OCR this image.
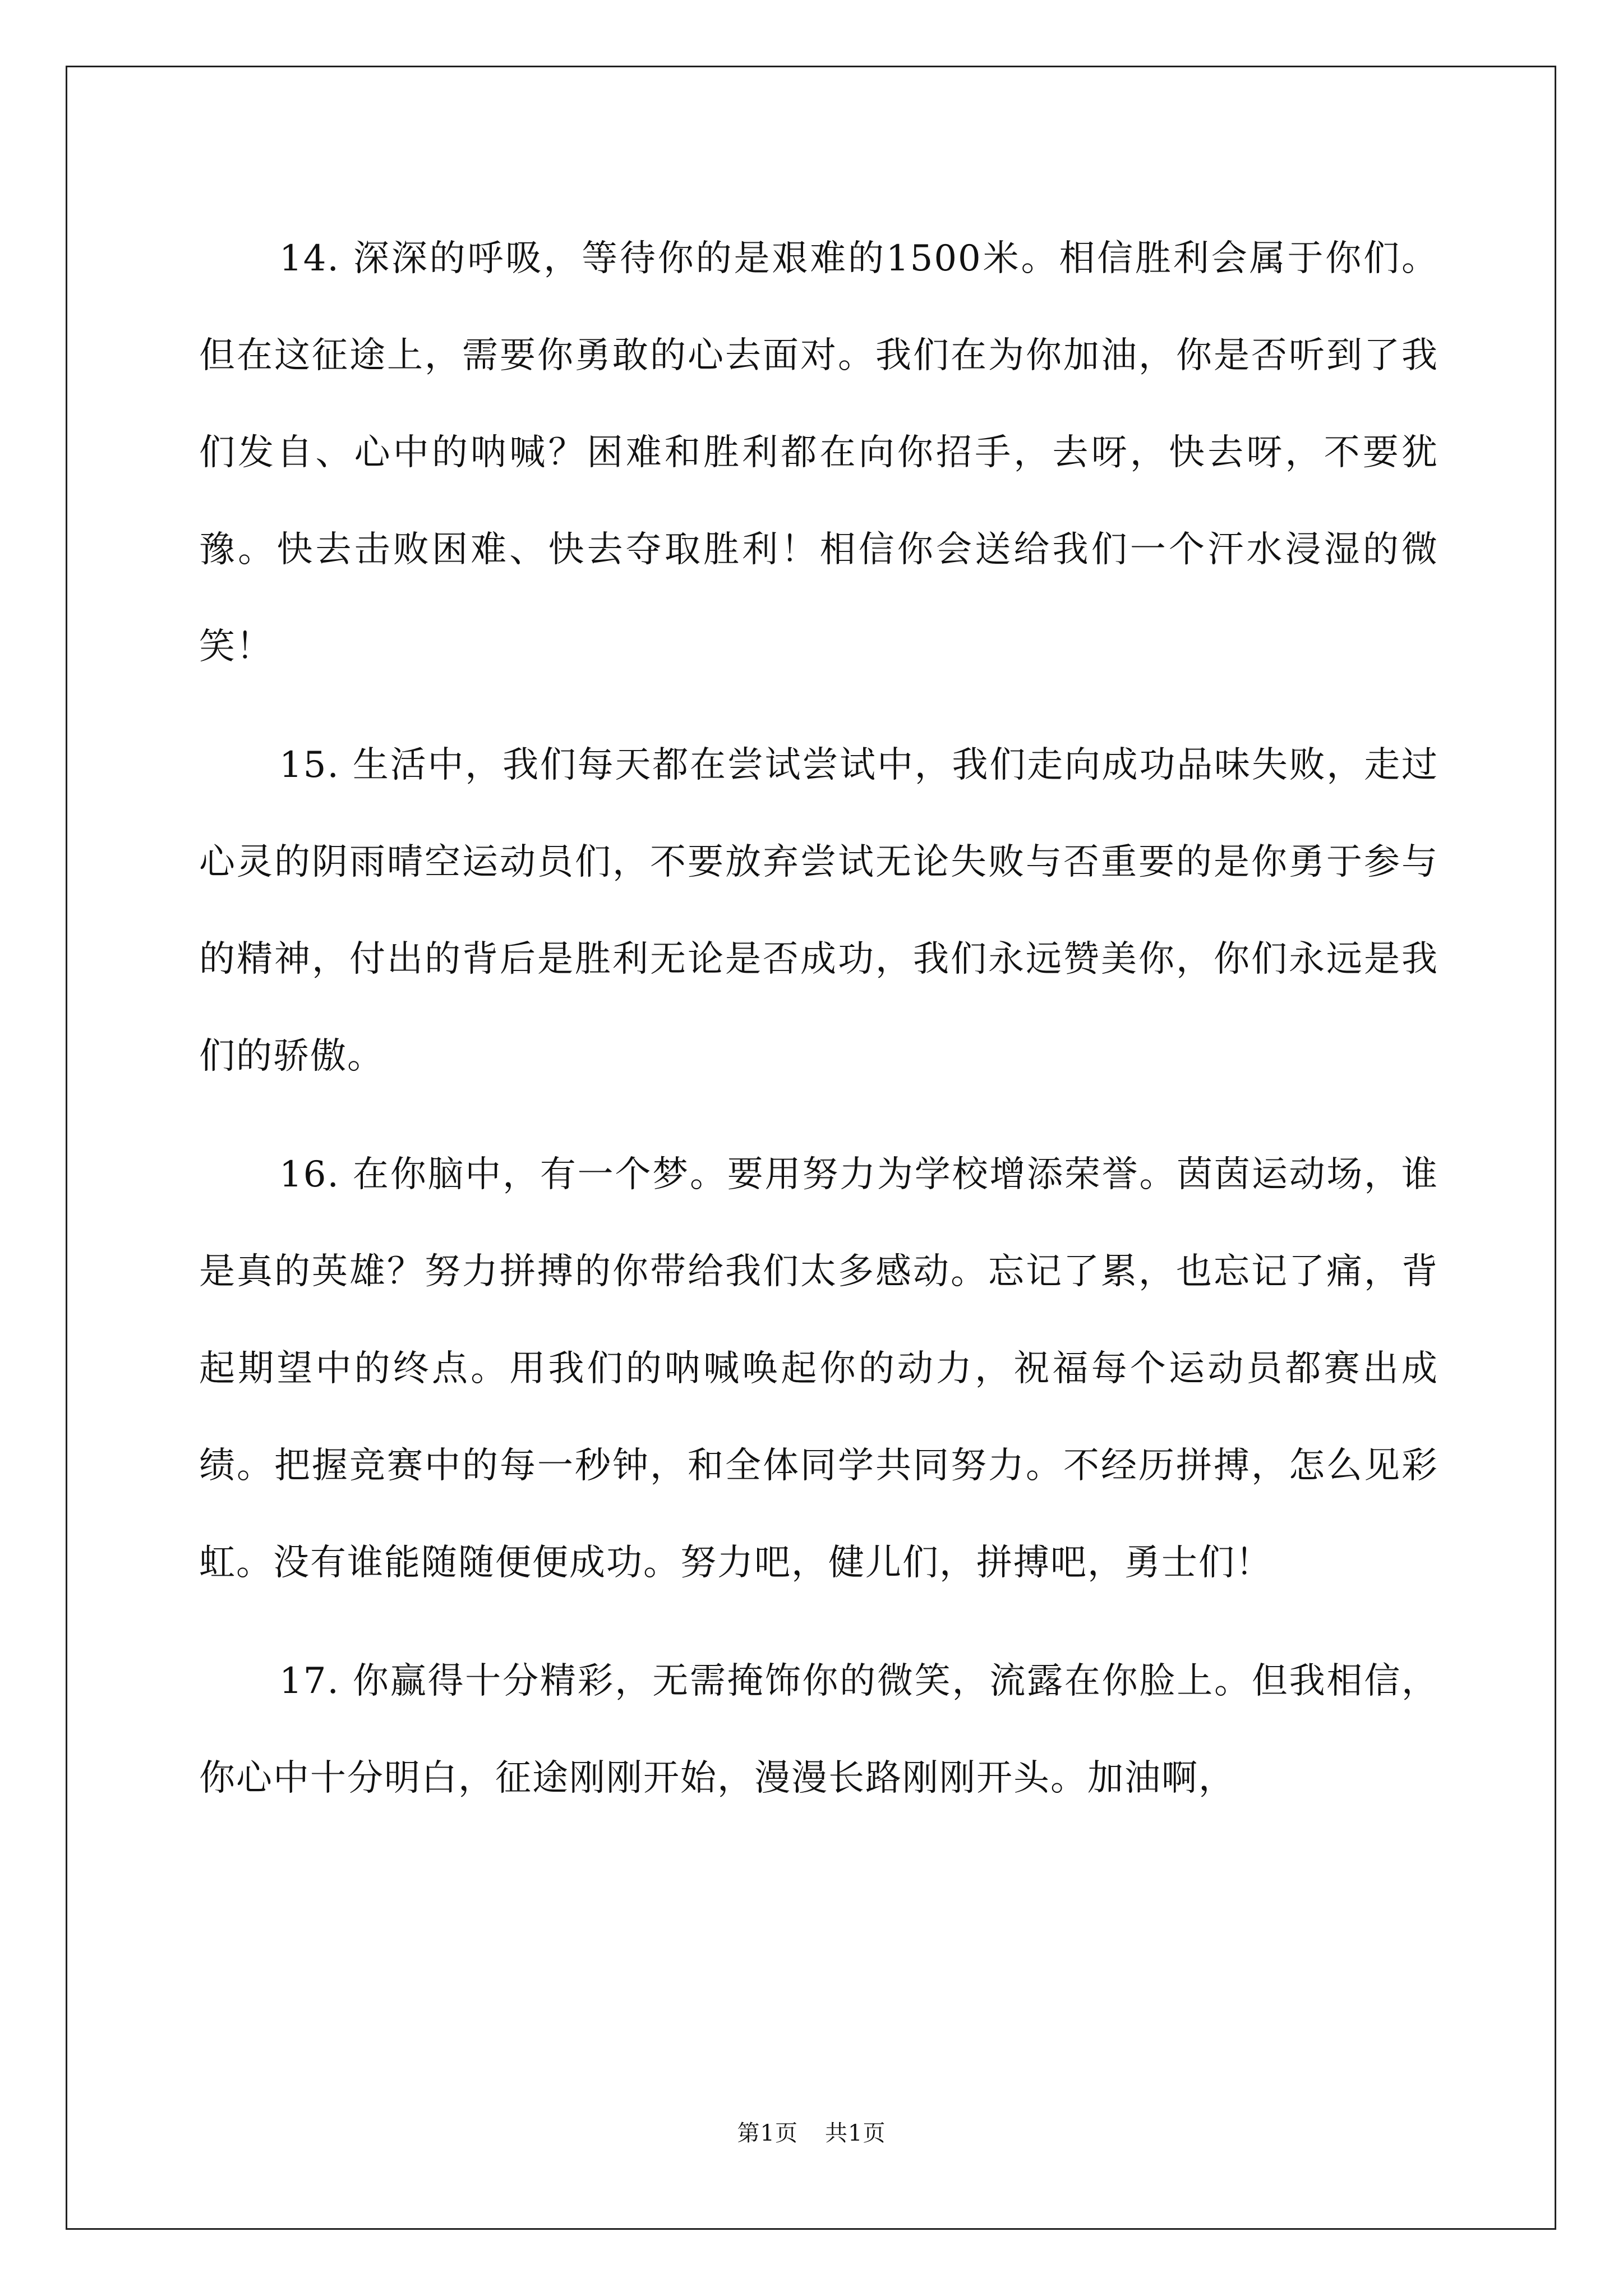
14. 深深的呼吸，等待你的是艰难的1500米。相信胜利会属于你们。但在这征途上，需要你勇敢的心去面对。我们在为你加油，你是否听到了我们发自、心中的呐喊？困难和胜利都在向你招手，去呀，快去呀，不要犹豫。快去击败困难、快去夺取胜利！相信你会送给我们一个汗水浸湿的微笑！

15. 生活中，我们每天都在尝试尝试中，我们走向成功品味失败，走过心灵的阴雨晴空运动员们，不要放弃尝试无论失败与否重要的是你勇于参与的精神，付出的背后是胜利无论是否成功，我们永远赞美你，你们永远是我们的骄傲。

16. 在你脑中，有一个梦。要用努力为学校增添荣誉。茵茵运动场，谁是真的英雄？努力拼搏的你带给我们太多感动。忘记了累，也忘记了痛，背起期望中的终点。用我们的呐喊唤起你的动力，祝福每个运动员都赛出成绩。把握竞赛中的每一秒钟，和全体同学共同努力。不经历拼搏，怎么见彩虹。没有谁能随随便便成功。努力吧，健儿们，拼搏吧，勇士们！

17. 你赢得十分精彩，无需掩饰你的微笑，流露在你脸上。但我相信，你心中十分明白，征途刚刚开始，漫漫长路刚刚开头。加油啊，

第1页 共1页
